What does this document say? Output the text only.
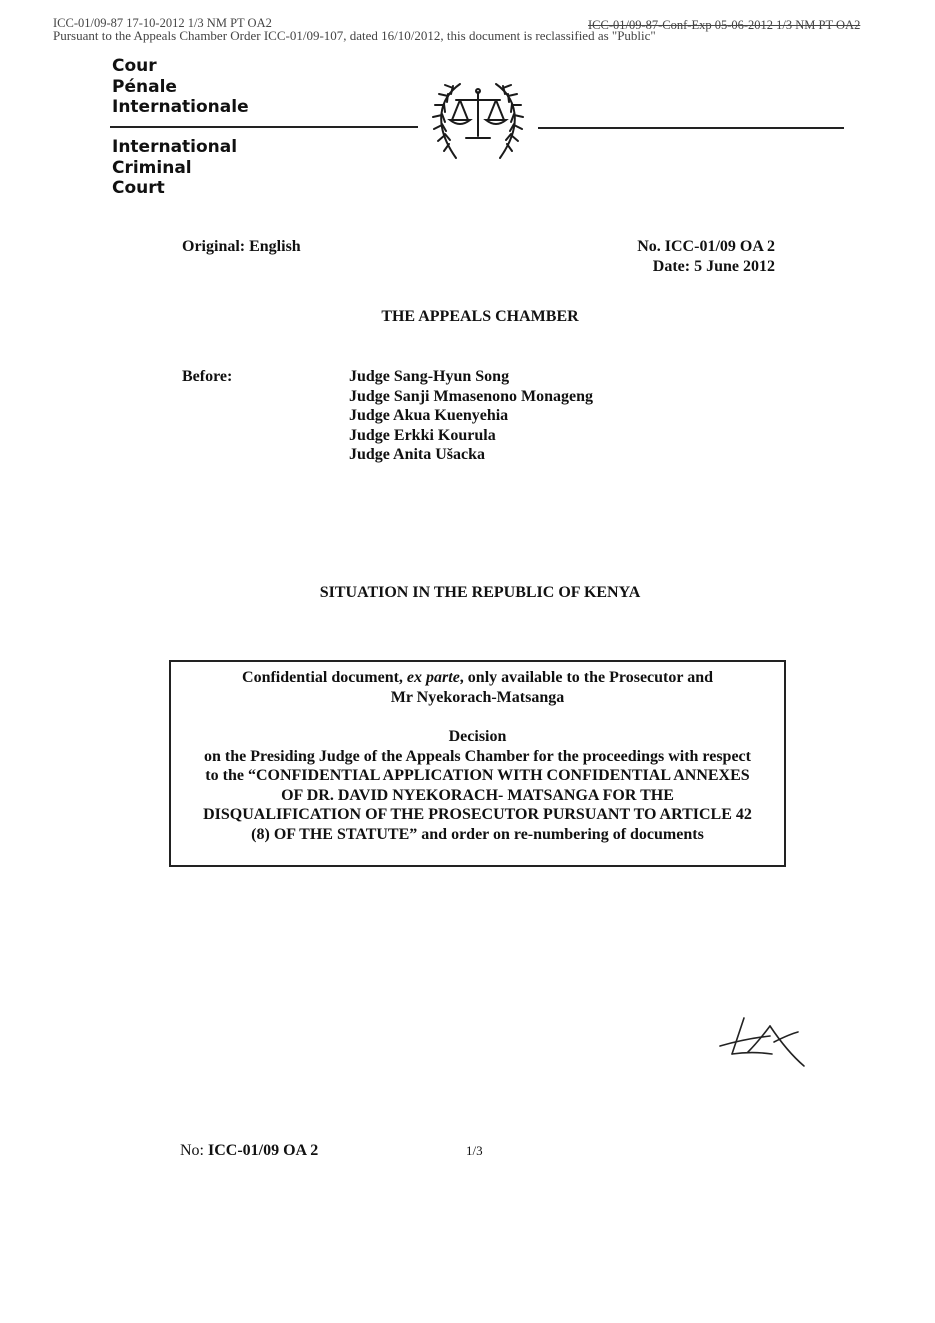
ICC-01/09-87 17-10-2012 1/3 NM PT OA2	ICC-01/09-87-Conf-Exp 05-06-2012 1/3 NM PT OA2
Pursuant to the Appeals Chamber Order ICC-01/09-107, dated 16/10/2012, this document is reclassified as "Public"
Cour
Pénale
Internationale
International
Criminal
Court
Original: English	No. ICC-01/09 OA 2
Date: 5 June 2012
THE APPEALS CHAMBER
Before:	Judge Sang-Hyun Song
Judge Sanji Mmasenono Monageng
Judge Akua Kuenyehia
Judge Erkki Kourula
Judge Anita Ušacka
SITUATION IN THE REPUBLIC OF KENYA
Confidential document, ex parte, only available to the Prosecutor and
Mr Nyekorach-Matsanga
Decision
on the Presiding Judge of the Appeals Chamber for the proceedings with respect
to the “CONFIDENTIAL APPLICATION WITH CONFIDENTIAL ANNEXES
OF DR. DAVID NYEKORACH- MATSANGA FOR THE
DISQUALIFICATION OF THE PROSECUTOR PURSUANT TO ARTICLE 42
(8) OF THE STATUTE” and order on re-numbering of documents
No: ICC-01/09 OA 2	1/3
